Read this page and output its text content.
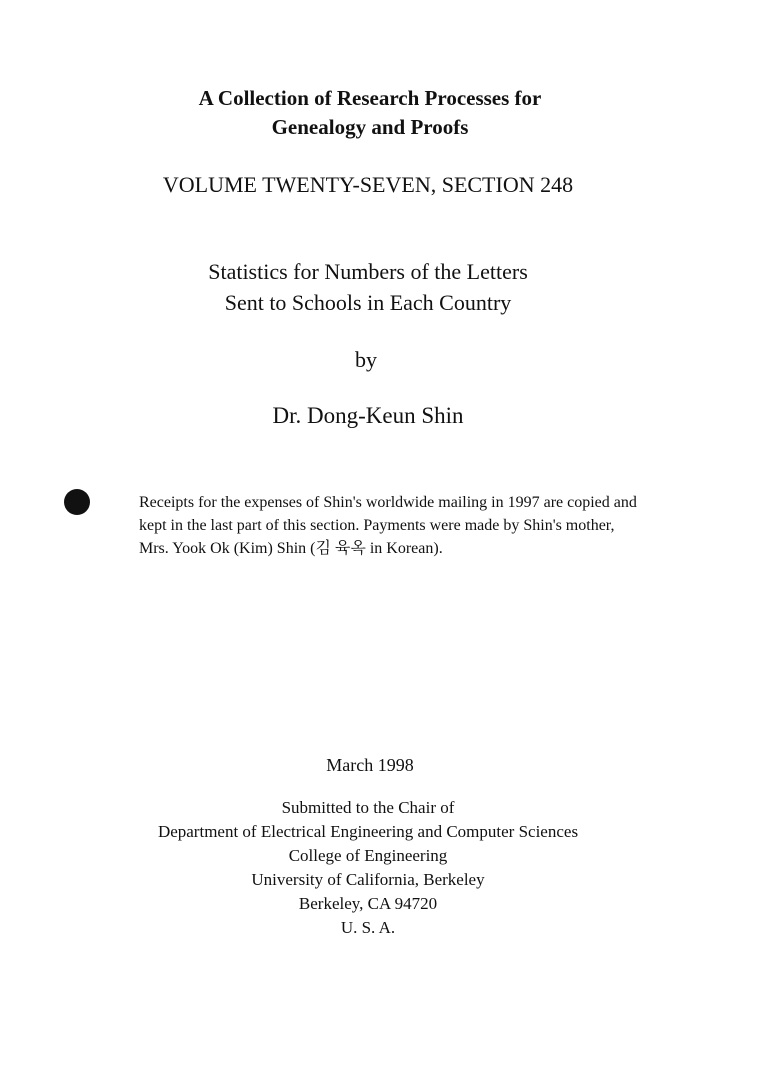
A Collection of Research Processes for
Genealogy and Proofs
VOLUME TWENTY-SEVEN, SECTION 248
Statistics for Numbers of the Letters
Sent to Schools in Each Country
by
Dr. Dong-Keun Shin
Receipts for the expenses of Shin's worldwide mailing in 1997 are copied and
kept in the last part of this section. Payments were made by Shin's mother,
Mrs. Yook Ok (Kim) Shin (김 육옥 in Korean).
March 1998
Submitted to the Chair of
Department of Electrical Engineering and Computer Sciences
College of Engineering
University of California, Berkeley
Berkeley, CA 94720
U. S. A.
